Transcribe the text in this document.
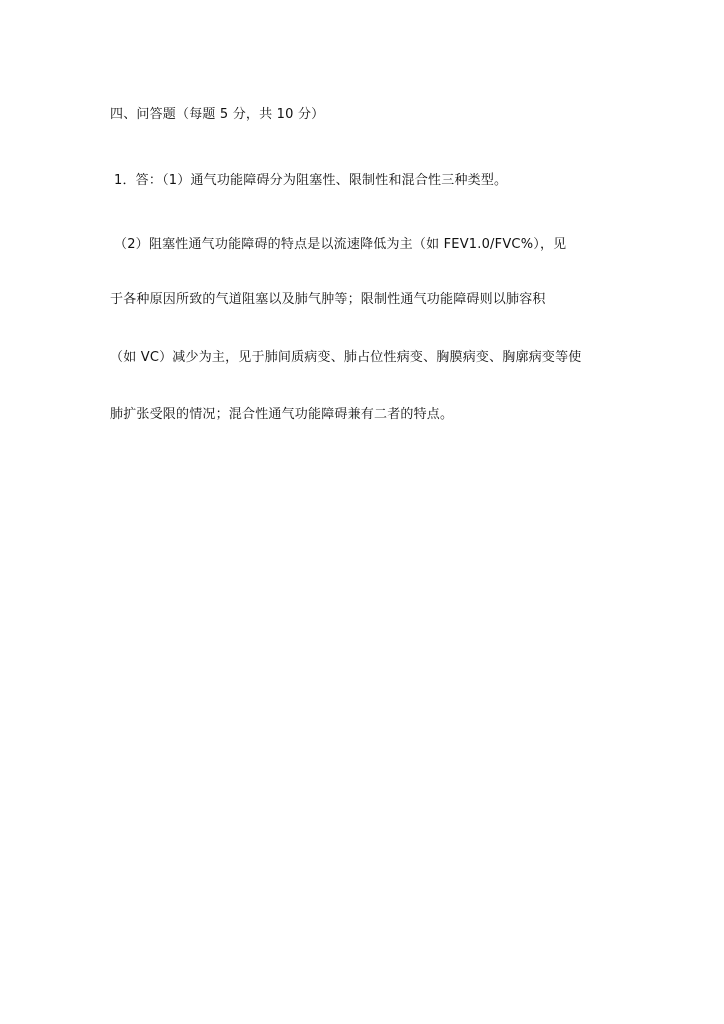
四、问答题（每题 5 分，共 10 分）
1．答：（1）通气功能障碍分为阻塞性、限制性和混合性三种类型。
（2）阻塞性通气功能障碍的特点是以流速降低为主（如 FEV1.0/FVC%），见
于各种原因所致的气道阻塞以及肺气肿等；限制性通气功能障碍则以肺容积
（如 VC）减少为主，见于肺间质病变、肺占位性病变、胸膜病变、胸廓病变等使
肺扩张受限的情况；混合性通气功能障碍兼有二者的特点。
